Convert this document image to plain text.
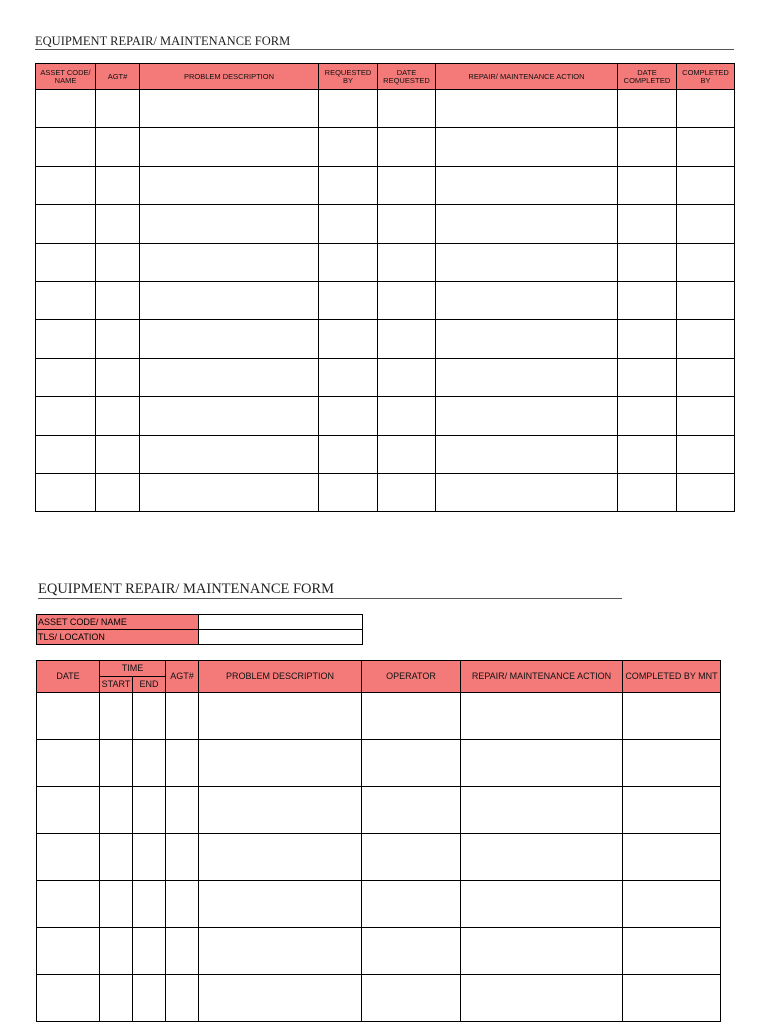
EQUIPMENT REPAIR/ MAINTENANCE FORM
ASSET CODE/ NAME	AGT#	PROBLEM DESCRIPTION	REQUESTED BY	DATE REQUESTED	REPAIR/ MAINTENANCE ACTION	DATE COMPLETED	COMPLETED BY

EQUIPMENT REPAIR/ MAINTENANCE FORM
ASSET CODE/ NAME	
TLS/ LOCATION	
DATE	TIME		AGT#	PROBLEM DESCRIPTION	OPERATOR	REPAIR/ MAINTENANCE ACTION	COMPLETED BY MNT
	START	END					
